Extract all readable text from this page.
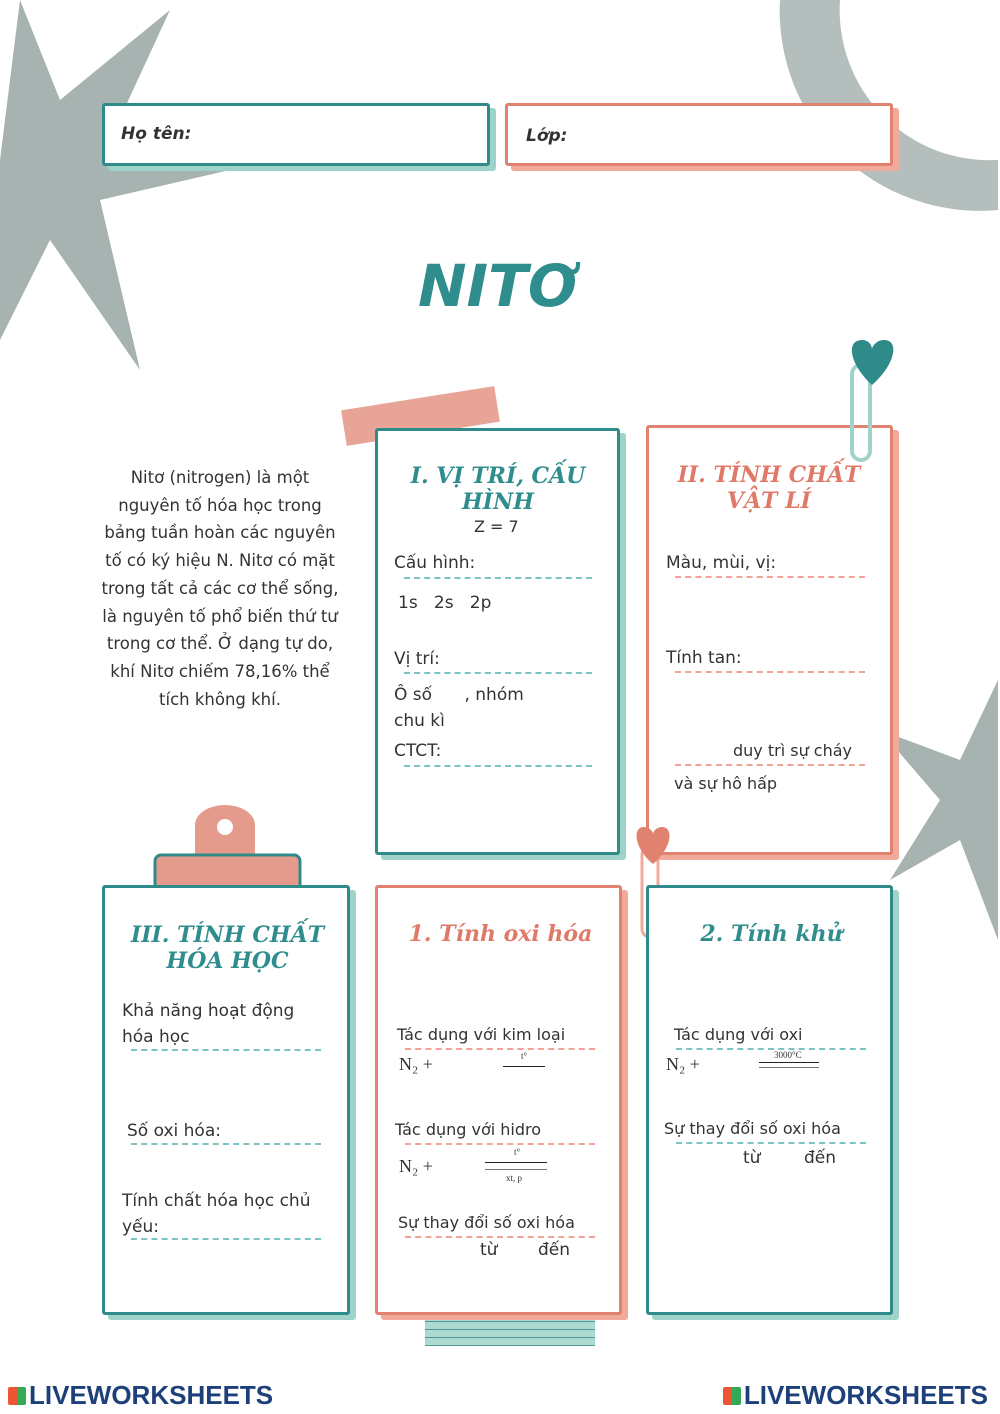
Họ tên:	Lớp:
NITƠ
Nitơ (nitrogen) là một nguyên tố hóa học trong bảng tuần hoàn các nguyên tố có ký hiệu N. Nitơ có mặt trong tất cả các cơ thể sống, là nguyên tố phổ biến thứ tư trong cơ thể. Ở dạng tự do, khí Nitơ chiếm 78,16% thể tích không khí.
I. VỊ TRÍ, CẤU HÌNH
Z = 7
Cấu hình:
1s   2s   2p
Vị trí:
Ô số      , nhóm
chu kì
CTCT:
II. TÍNH CHẤT VẬT LÍ
Màu, mùi, vị:
Tính tan:
duy trì sự cháy
và sự hô hấp
III. TÍNH CHẤT HÓA HỌC
Khả năng hoạt động hóa học
Số oxi hóa:
Tính chất hóa học chủ yếu:
1. Tính oxi hóa
Tác dụng với kim loại
N₂ +	t°
Tác dụng với hidro
N₂ +
t°
xt, p
Sự thay đổi số oxi hóa
từ đến
2. Tính khử
Tác dụng với oxi
N₂ +	3000°C
Sự thay đổi số oxi hóa
từ	đến
LIVEWORKSHEETS	LIVEWORKSHEETS
